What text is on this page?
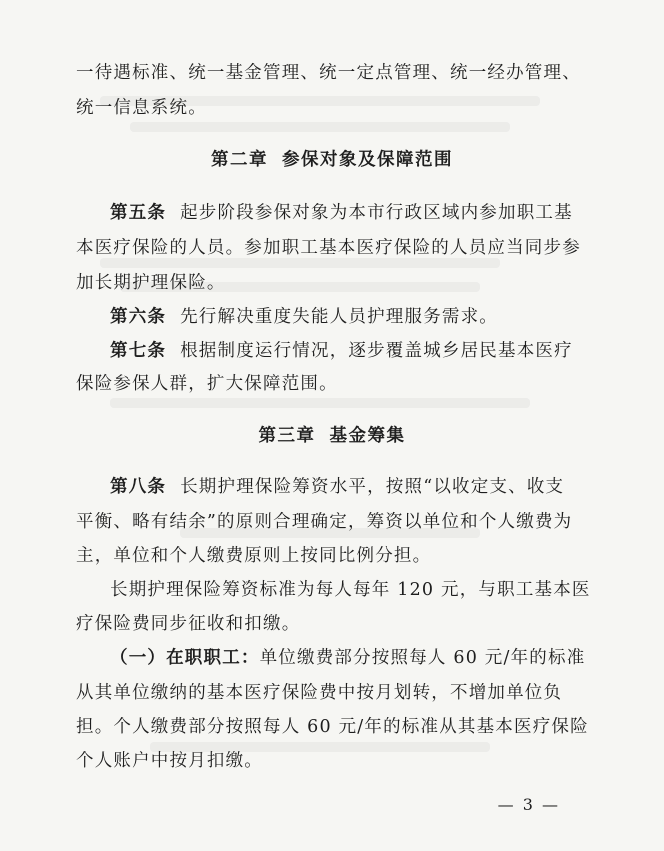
一待遇标准、统一基金管理、统一定点管理、统一经办管理、
统一信息系统。
第二章 参保对象及保障范围
第五条 起步阶段参保对象为本市行政区域内参加职工基
本医疗保险的人员。参加职工基本医疗保险的人员应当同步参
加长期护理保险。
第六条 先行解决重度失能人员护理服务需求。
第七条 根据制度运行情况，逐步覆盖城乡居民基本医疗
保险参保人群，扩大保障范围。
第三章 基金筹集
第八条 长期护理保险筹资水平，按照“以收定支、收支
平衡、略有结余”的原则合理确定，筹资以单位和个人缴费为
主，单位和个人缴费原则上按同比例分担。
长期护理保险筹资标准为每人每年 120 元，与职工基本医
疗保险费同步征收和扣缴。
（一）在职职工：单位缴费部分按照每人 60 元/年的标准
从其单位缴纳的基本医疗保险费中按月划转，不增加单位负
担。个人缴费部分按照每人 60 元/年的标准从其基本医疗保险
个人账户中按月扣缴。
— 3 —
